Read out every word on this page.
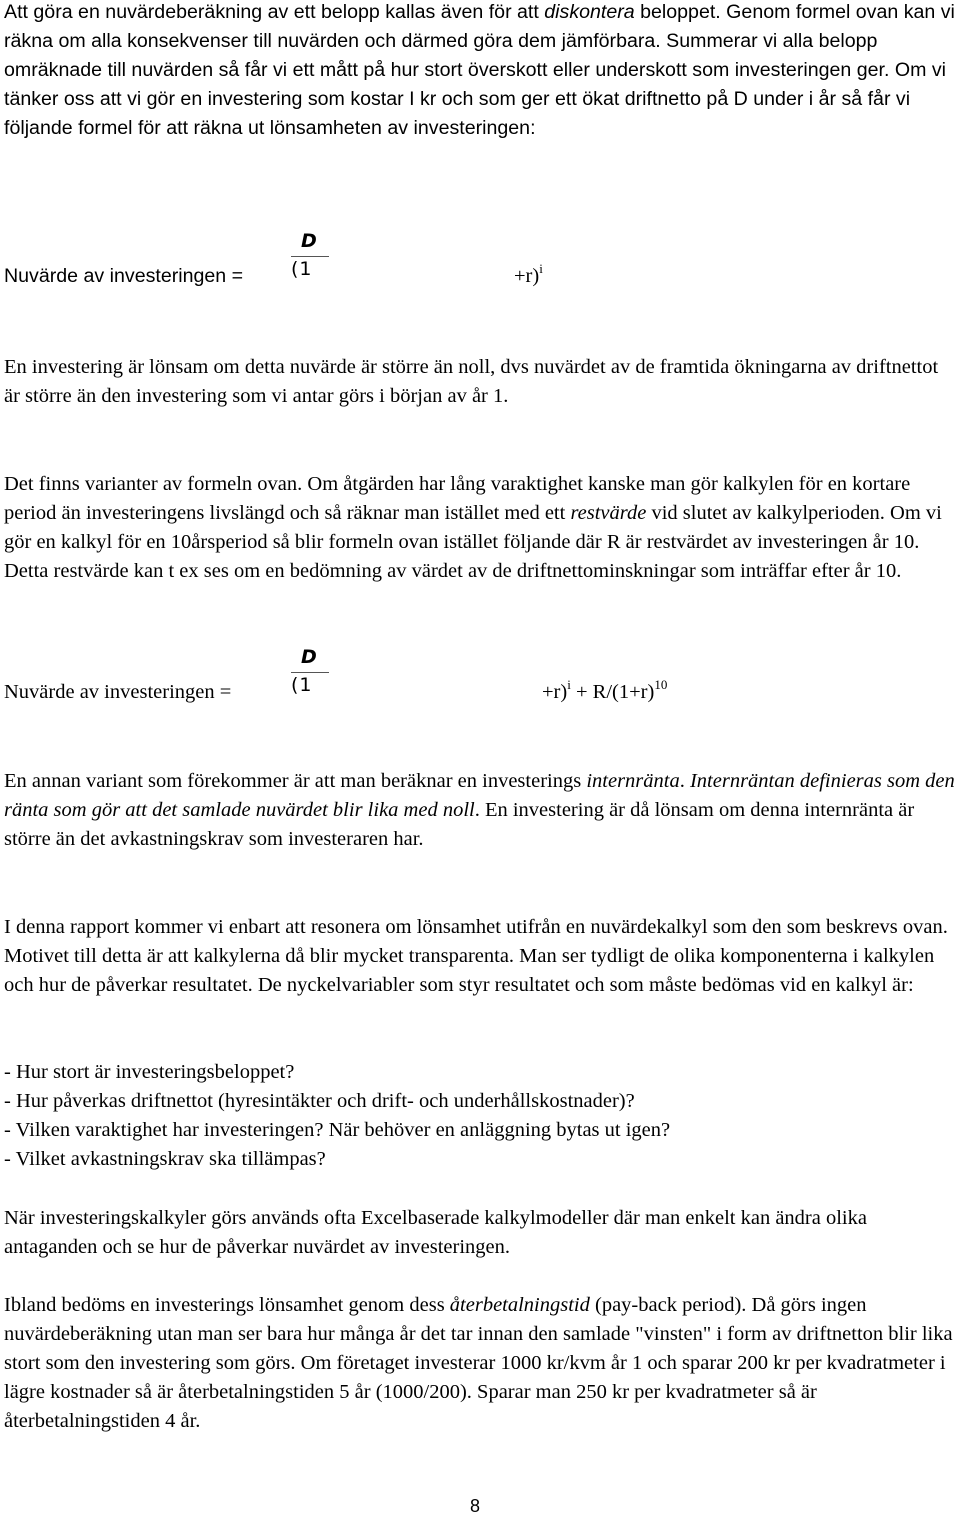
Att göra en nuvärdeberäkning av ett belopp kallas även för att diskontera beloppet. Genom formel ovan kan vi räkna om alla konsekvenser till nuvärden och därmed göra dem jämförbara. Summerar vi alla belopp omräknade till nuvärden så får vi ett mått på hur stort överskott eller underskott som investeringen ger. Om vi tänker oss att vi gör en investering som kostar I kr och som ger ett ökat driftnetto på D under i år så får vi följande formel för att räkna ut lönsamheten av investeringen:

Nuvärde av investeringen =
D
(1	+r)$^i$

En investering är lönsam om detta nuvärde är större än noll, dvs nuvärdet av de framtida ökningarna av driftnettot är större än den investering som vi antar görs i början av år 1.

Det finns varianter av formeln ovan. Om åtgärden har lång varaktighet kanske man gör kalkylen för en kortare period än investeringens livslängd och så räknar man istället med ett restvärde vid slutet av kalkylperioden. Om vi gör en kalkyl för en 10årsperiod så blir formeln ovan istället följande där R är restvärdet av investeringen år 10. Detta restvärde kan t ex ses om en bedömning av värdet av de driftnettominskningar som inträffar efter år 10.

Nuvärde av investeringen =
D
(1	$+r)^i + R/(1+r)^{10}$

En annan variant som förekommer är att man beräknar en investerings internränta. Internräntan definieras som den ränta som gör att det samlade nuvärdet blir lika med noll. En investering är då lönsam om denna internränta är större än det avkastningskrav som investeraren har.

I denna rapport kommer vi enbart att resonera om lönsamhet utifrån en nuvärdekalkyl som den som beskrevs ovan. Motivet till detta är att kalkylerna då blir mycket transparenta. Man ser tydligt de olika komponenterna i kalkylen och hur de påverkar resultatet. De nyckelvariabler som styr resultatet och som måste bedömas vid en kalkyl är:

- Hur stort är investeringsbeloppet?
- Hur påverkas driftnettot (hyresintäkter och drift- och underhållskostnader)?
- Vilken varaktighet har investeringen? När behöver en anläggning bytas ut igen?
- Vilket avkastningskrav ska tillämpas?

När investeringskalkyler görs används ofta Excelbaserade kalkylmodeller där man enkelt kan ändra olika antaganden och se hur de påverkar nuvärdet av investeringen.

Ibland bedöms en investerings lönsamhet genom dess återbetalningstid (pay-back period). Då görs ingen nuvärdeberäkning utan man ser bara hur många år det tar innan den samlade "vinsten" i form av driftnetton blir lika stort som den investering som görs. Om företaget investerar 1000 kr/kvm år 1 och sparar 200 kr per kvadratmeter i lägre kostnader så är återbetalningstiden 5 år (1000/200). Sparar man 250 kr per kvadratmeter så är återbetalningstiden 4 år.

8
